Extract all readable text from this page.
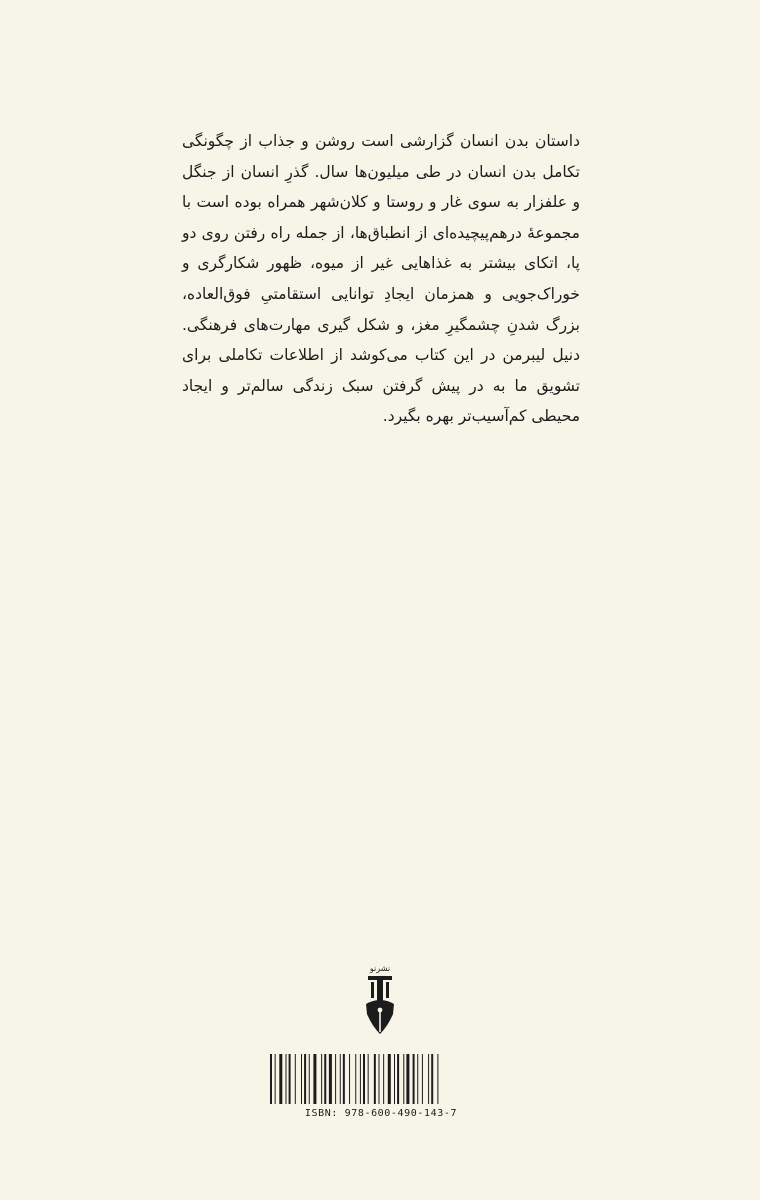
داستان بدن انسان گزارشی است روشن و جذاب از چگونگی تکامل بدن انسان در طی میلیون‌ها سال. گذرِ انسان از جنگل و علفزار به سوی غار و روستا و کلان‌شهر همراه بوده است با مجموعهٔ درهم‌پیچیده‌ای از انطباق‌ها، از جمله راه رفتن روی دو پا، اتکای بیشتر به غذاهایی غیر از میوه، ظهور شکارگری و خوراک‌جویی و همزمان ایجادِ توانایی استقامتیِ فوق‌العاده، بزرگ شدنِ چشمگیرِ مغز، و شکل گیری مهارت‌های فرهنگی. دنیل لیبرمن در این کتاب می‌کوشد از اطلاعات تکاملی برای تشویق ما به در پیش گرفتن سبک زندگی سالم‌تر و ایجاد محیطی کم‌آسیب‌تر بهره بگیرد.

نشرنو
ISBN: 978-600-490-143-7
